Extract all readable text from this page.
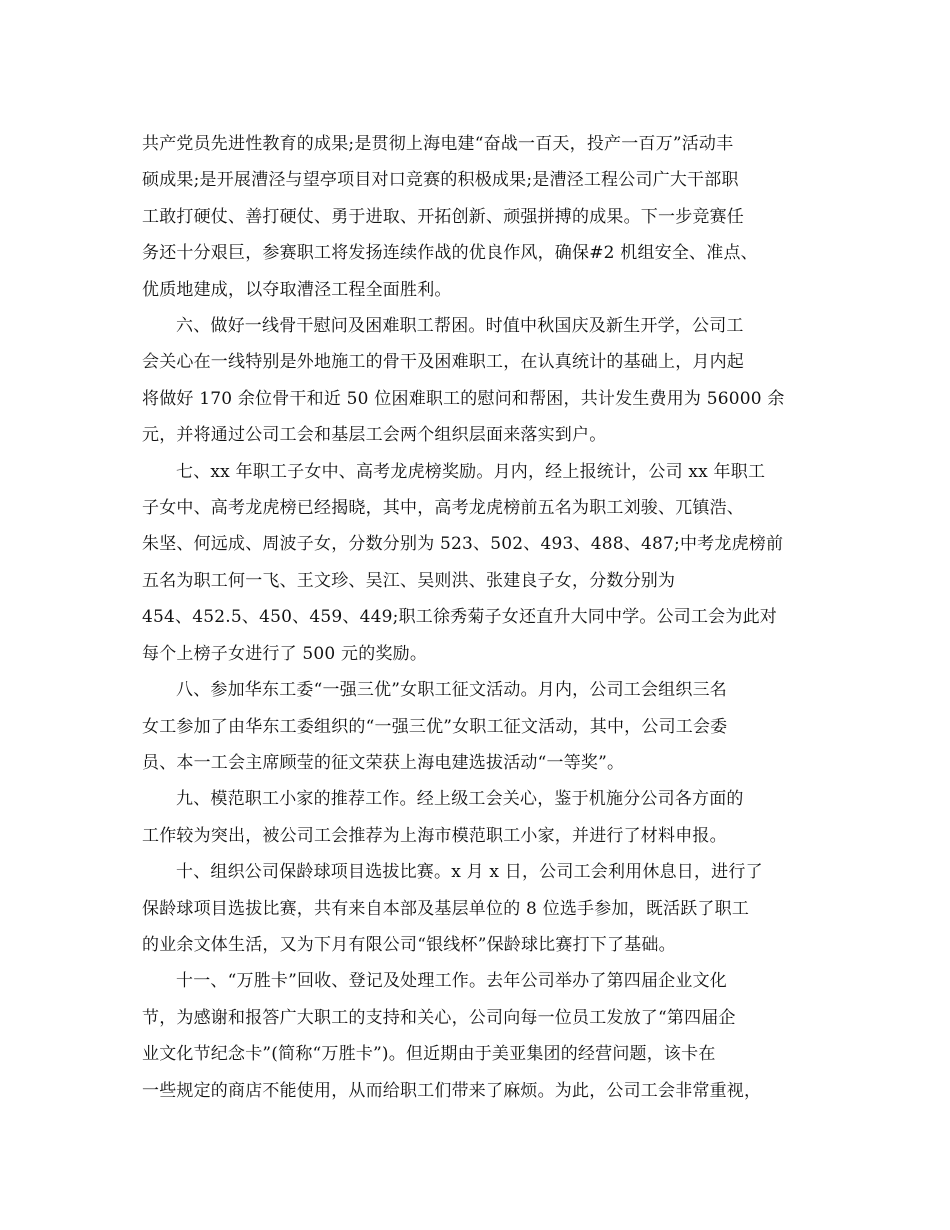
共产党员先进性教育的成果;是贯彻上海电建“奋战一百天，投产一百万”活动丰
硕成果;是开展漕泾与望亭项目对口竞赛的积极成果;是漕泾工程公司广大干部职
工敢打硬仗、善打硬仗、勇于进取、开拓创新、顽强拼搏的成果。下一步竞赛任
务还十分艰巨，参赛职工将发扬连续作战的优良作风，确保#2 机组安全、准点、
优质地建成，以夺取漕泾工程全面胜利。

六、做好一线骨干慰问及困难职工帮困。时值中秋国庆及新生开学，公司工
会关心在一线特别是外地施工的骨干及困难职工，在认真统计的基础上，月内起
将做好 170 余位骨干和近 50 位困难职工的慰问和帮困，共计发生费用为 56000 余
元，并将通过公司工会和基层工会两个组织层面来落实到户。

七、xx 年职工子女中、高考龙虎榜奖励。月内，经上报统计，公司 xx 年职工
子女中、高考龙虎榜已经揭晓，其中，高考龙虎榜前五名为职工刘骏、兀镇浩、
朱坚、何远成、周波子女，分数分别为 523、502、493、488、487;中考龙虎榜前
五名为职工何一飞、王文珍、吴江、吴则洪、张建良子女，分数分别为
454、452.5、450、459、449;职工徐秀菊子女还直升大同中学。公司工会为此对
每个上榜子女进行了 500 元的奖励。

八、参加华东工委“一强三优”女职工征文活动。月内，公司工会组织三名
女工参加了由华东工委组织的“一强三优”女职工征文活动，其中，公司工会委
员、本一工会主席顾莹的征文荣获上海电建选拔活动“一等奖”。

九、模范职工小家的推荐工作。经上级工会关心，鉴于机施分公司各方面的
工作较为突出，被公司工会推荐为上海市模范职工小家，并进行了材料申报。

十、组织公司保龄球项目选拔比赛。x 月 x 日，公司工会利用休息日，进行了
保龄球项目选拔比赛，共有来自本部及基层单位的 8 位选手参加，既活跃了职工
的业余文体生活，又为下月有限公司“银线杯”保龄球比赛打下了基础。

十一、“万胜卡”回收、登记及处理工作。去年公司举办了第四届企业文化
节，为感谢和报答广大职工的支持和关心，公司向每一位员工发放了“第四届企
业文化节纪念卡”(简称“万胜卡”)。但近期由于美亚集团的经营问题，该卡在
一些规定的商店不能使用，从而给职工们带来了麻烦。为此，公司工会非常重视，
